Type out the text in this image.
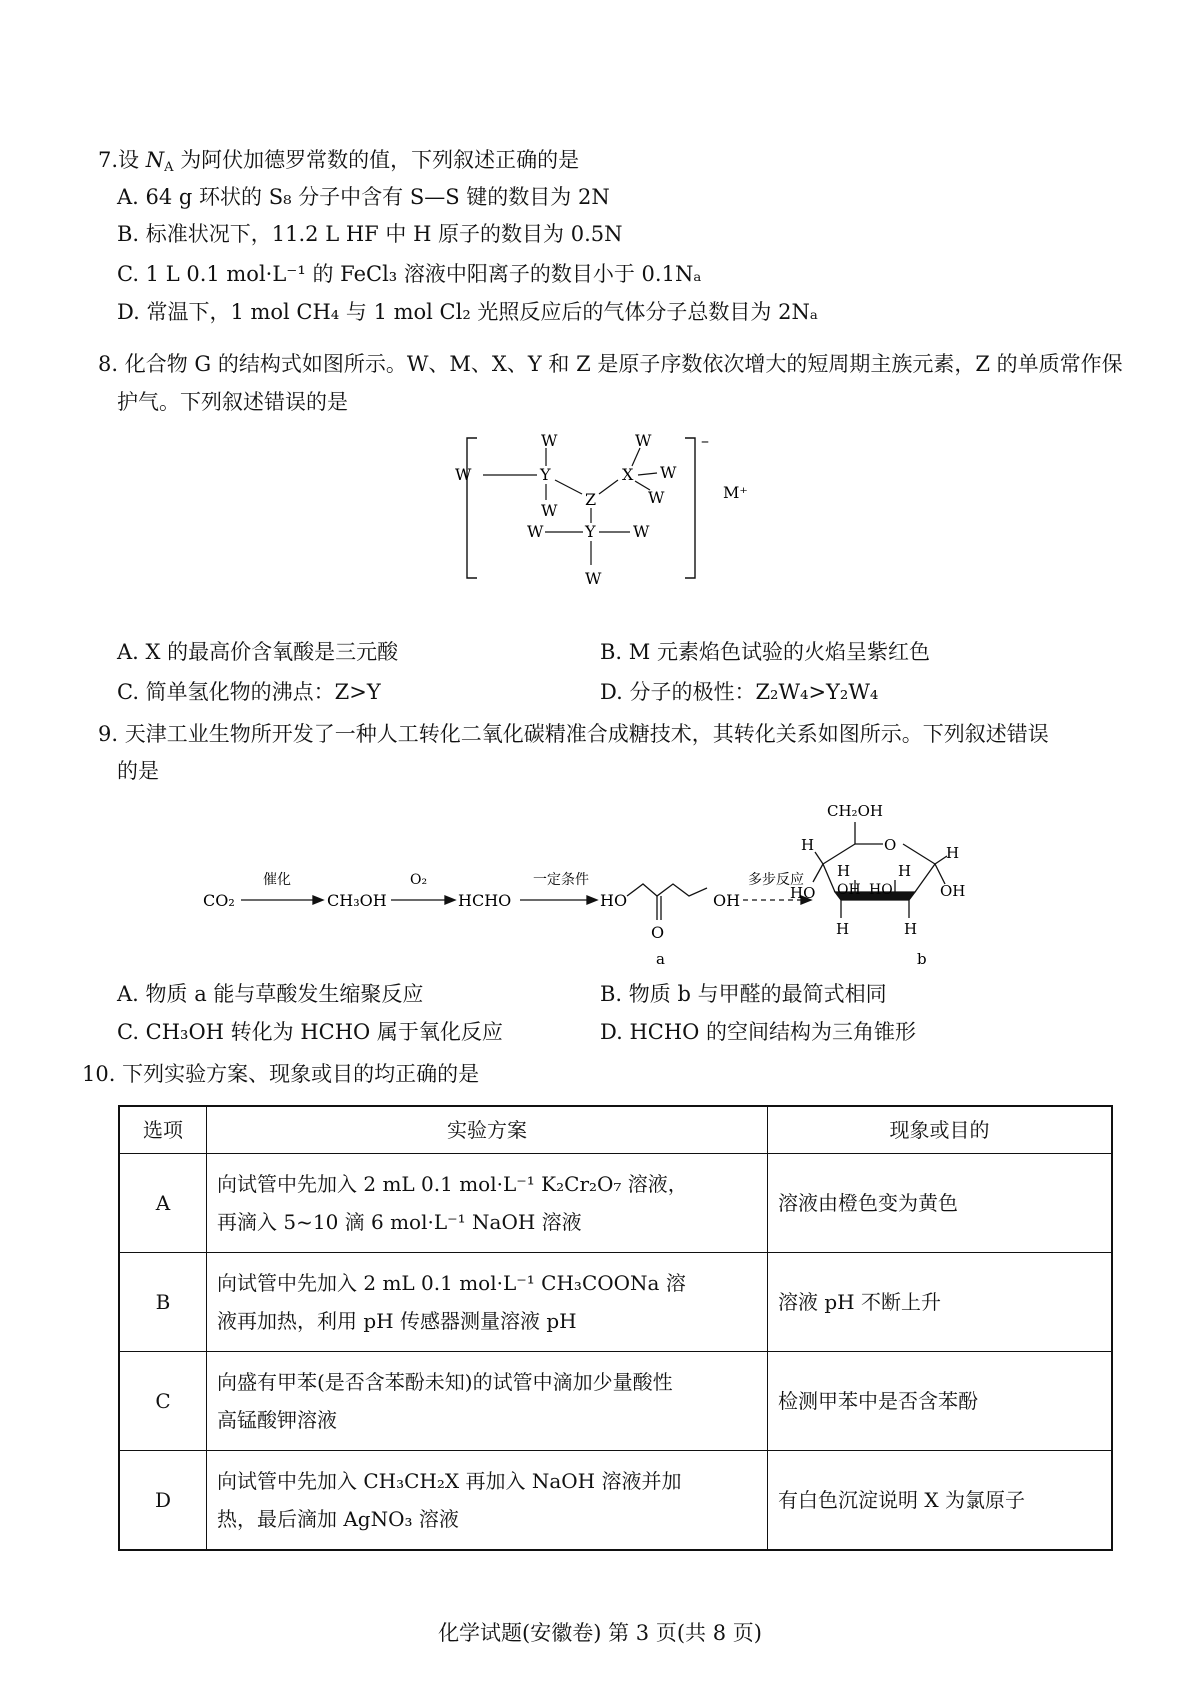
7.设 $N_A$ 为阿伏加德罗常数的值，下列叙述正确的是
A. 64 g 环状的 S₈ 分子中含有 S—S 键的数目为 2N
B. 标准状况下，11.2 L HF 中 H 原子的数目为 0.5N
C. 1 L 0.1 mol·L⁻¹ 的 FeCl₃ 溶液中阳离子的数目小于 0.1Nₐ
D. 常温下，1 mol CH₄ 与 1 mol Cl₂ 光照反应后的气体分子总数目为 2Nₐ
8. 化合物 G 的结构式如图所示。W、M、X、Y 和 Z 是原子序数依次增大的短周期主族元素，Z 的单质常作保
护气。下列叙述错误的是
–
M⁺
W
W	Y
W
Z
X
W
W
W
W	Y W
W
A. X 的最高价含氧酸是三元酸	B. M 元素焰色试验的火焰呈紫红色
C. 简单氢化物的沸点：Z>Y	D. 分子的极性：Z₂W₄>Y₂W₄
9. 天津工业生物所开发了一种人工转化二氧化碳精准合成糖技术，其转化关系如图所示。下列叙述错误
的是
CO₂
催化
CH₃OH
O₂
HCHO
一定条件
HO	OH
O
多步反应
a	b
CH₂OH
O
H	H
H
OH HO
H
HO	OH
H	H
A. 物质 a 能与草酸发生缩聚反应	B. 物质 b 与甲醛的最简式相同
C. CH₃OH 转化为 HCHO 属于氧化反应	D. HCHO 的空间结构为三角锥形
10. 下列实验方案、现象或目的均正确的是
选项	实验方案	现象或目的
A	向试管中先加入 2 mL 0.1 mol·L⁻¹ K₂Cr₂O₇ 溶液，
再滴入 5~10 滴 6 mol·L⁻¹ NaOH 溶液	溶液由橙色变为黄色
B	向试管中先加入 2 mL 0.1 mol·L⁻¹ CH₃COONa 溶
液再加热，利用 pH 传感器测量溶液 pH	溶液 pH 不断上升
C	向盛有甲苯(是否含苯酚未知)的试管中滴加少量酸性
高锰酸钾溶液	检测甲苯中是否含苯酚
D	向试管中先加入 CH₃CH₂X 再加入 NaOH 溶液并加
热，最后滴加 AgNO₃ 溶液	有白色沉淀说明 X 为氯原子
化学试题(安徽卷) 第 3 页(共 8 页)
